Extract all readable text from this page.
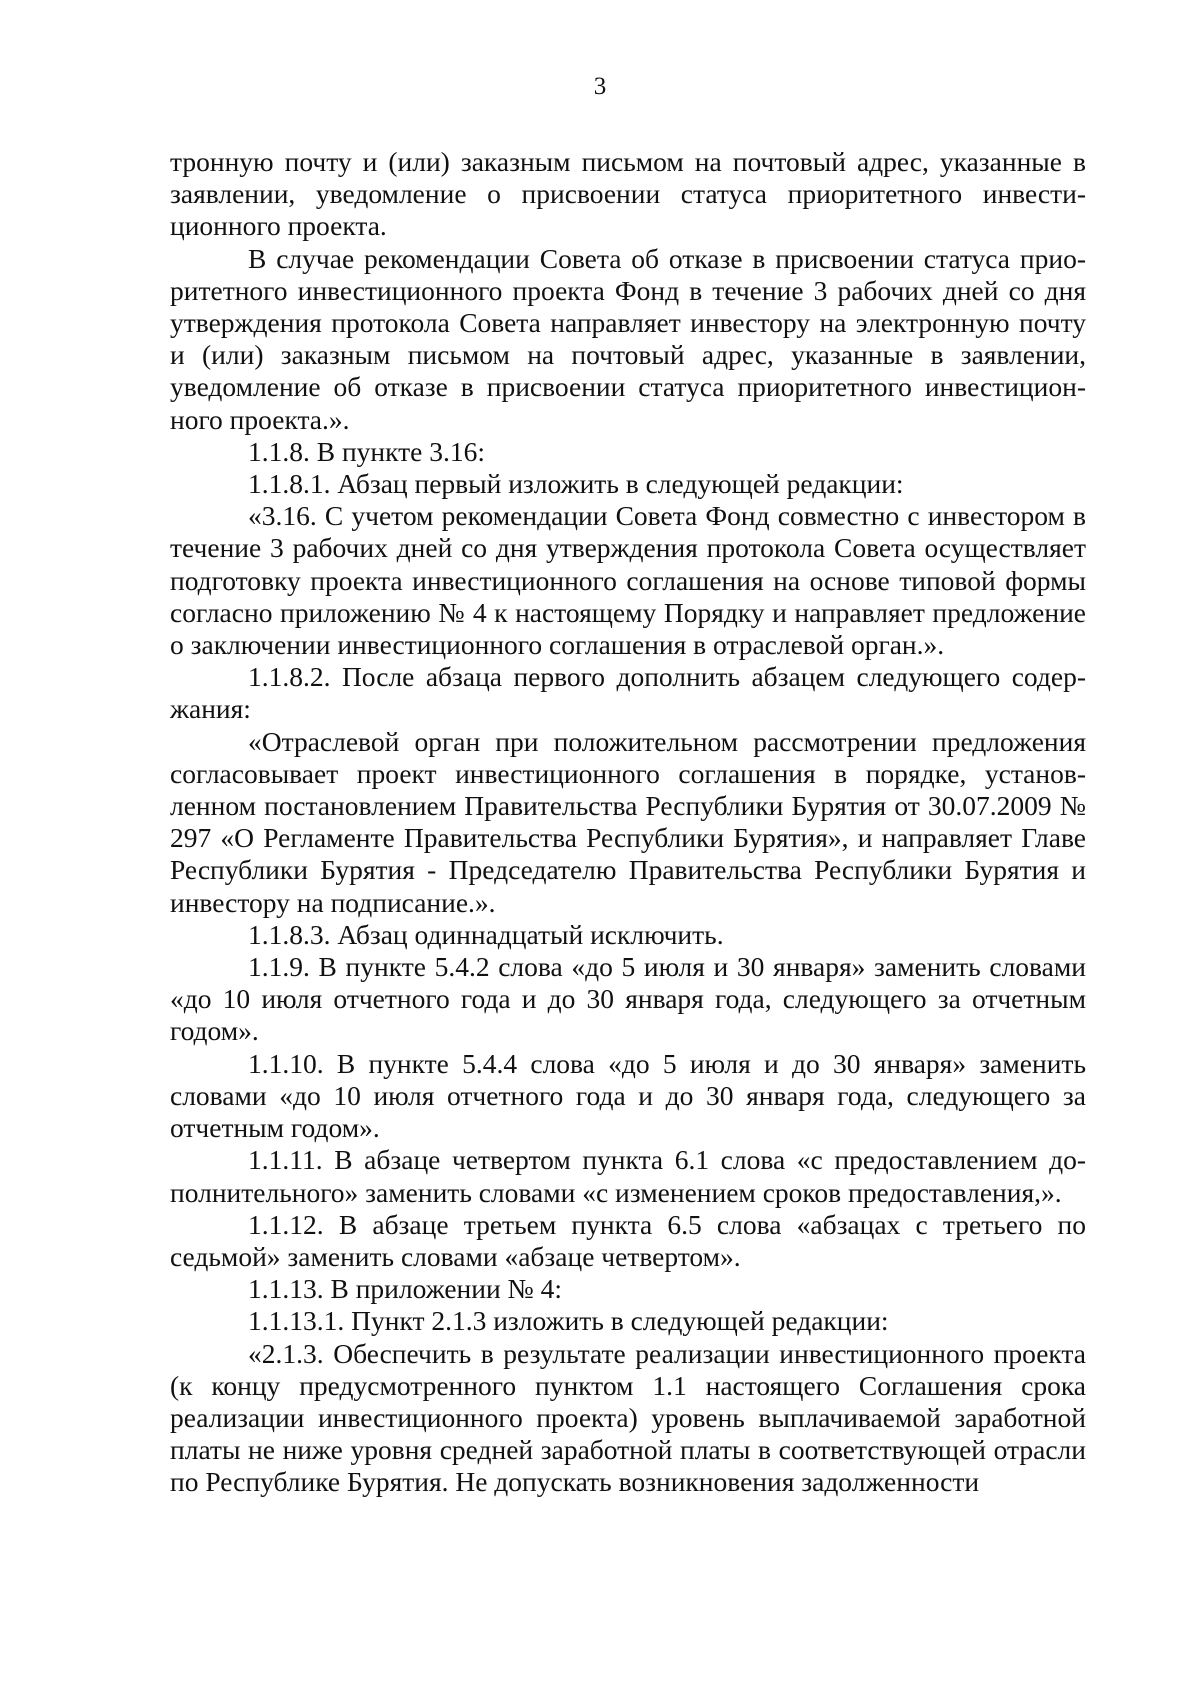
3

тронную почту и (или) заказным письмом на почтовый адрес, указанные в заявлении, уведомление о присвоении статуса приоритетного инвестиционного проекта.

В случае рекомендации Совета об отказе в присвоении статуса приоритетного инвестиционного проекта Фонд в течение 3 рабочих дней со дня утверждения протокола Совета направляет инвестору на электронную почту и (или) заказным письмом на почтовый адрес, указанные в заявлении, уведомление об отказе в присвоении статуса приоритетного инвестиционного проекта.».

1.1.8. В пункте 3.16:

1.1.8.1. Абзац первый изложить в следующей редакции:

«3.16. С учетом рекомендации Совета Фонд совместно с инвестором в течение 3 рабочих дней со дня утверждения протокола Совета осуществляет подготовку проекта инвестиционного соглашения на основе типовой формы согласно приложению № 4 к настоящему Порядку и направляет предложение о заключении инвестиционного соглашения в отраслевой орган.».

1.1.8.2. После абзаца первого дополнить абзацем следующего содержания:

«Отраслевой орган при положительном рассмотрении предложения согласовывает проект инвестиционного соглашения в порядке, установленном постановлением Правительства Республики Бурятия от 30.07.2009 № 297 «О Регламенте Правительства Республики Бурятия», и направляет Главе Республики Бурятия - Председателю Правительства Республики Бурятия и инвестору на подписание.».

1.1.8.3. Абзац одиннадцатый исключить.

1.1.9. В пункте 5.4.2 слова «до 5 июля и 30 января» заменить словами «до 10 июля отчетного года и до 30 января года, следующего за отчетным годом».

1.1.10. В пункте 5.4.4 слова «до 5 июля и до 30 января» заменить словами «до 10 июля отчетного года и до 30 января года, следующего за отчетным годом».

1.1.11. В абзаце четвертом пункта 6.1 слова «с предоставлением дополнительного» заменить словами «с изменением сроков предоставления,».

1.1.12. В абзаце третьем пункта 6.5 слова «абзацах с третьего по седьмой» заменить словами «абзаце четвертом».

1.1.13. В приложении № 4:

1.1.13.1. Пункт 2.1.3 изложить в следующей редакции:

«2.1.3. Обеспечить в результате реализации инвестиционного проекта (к концу предусмотренного пунктом 1.1 настоящего Соглашения срока реализации инвестиционного проекта) уровень выплачиваемой заработной платы не ниже уровня средней заработной платы в соответствующей отрасли по Республике Бурятия. Не допускать возникновения задолженности
